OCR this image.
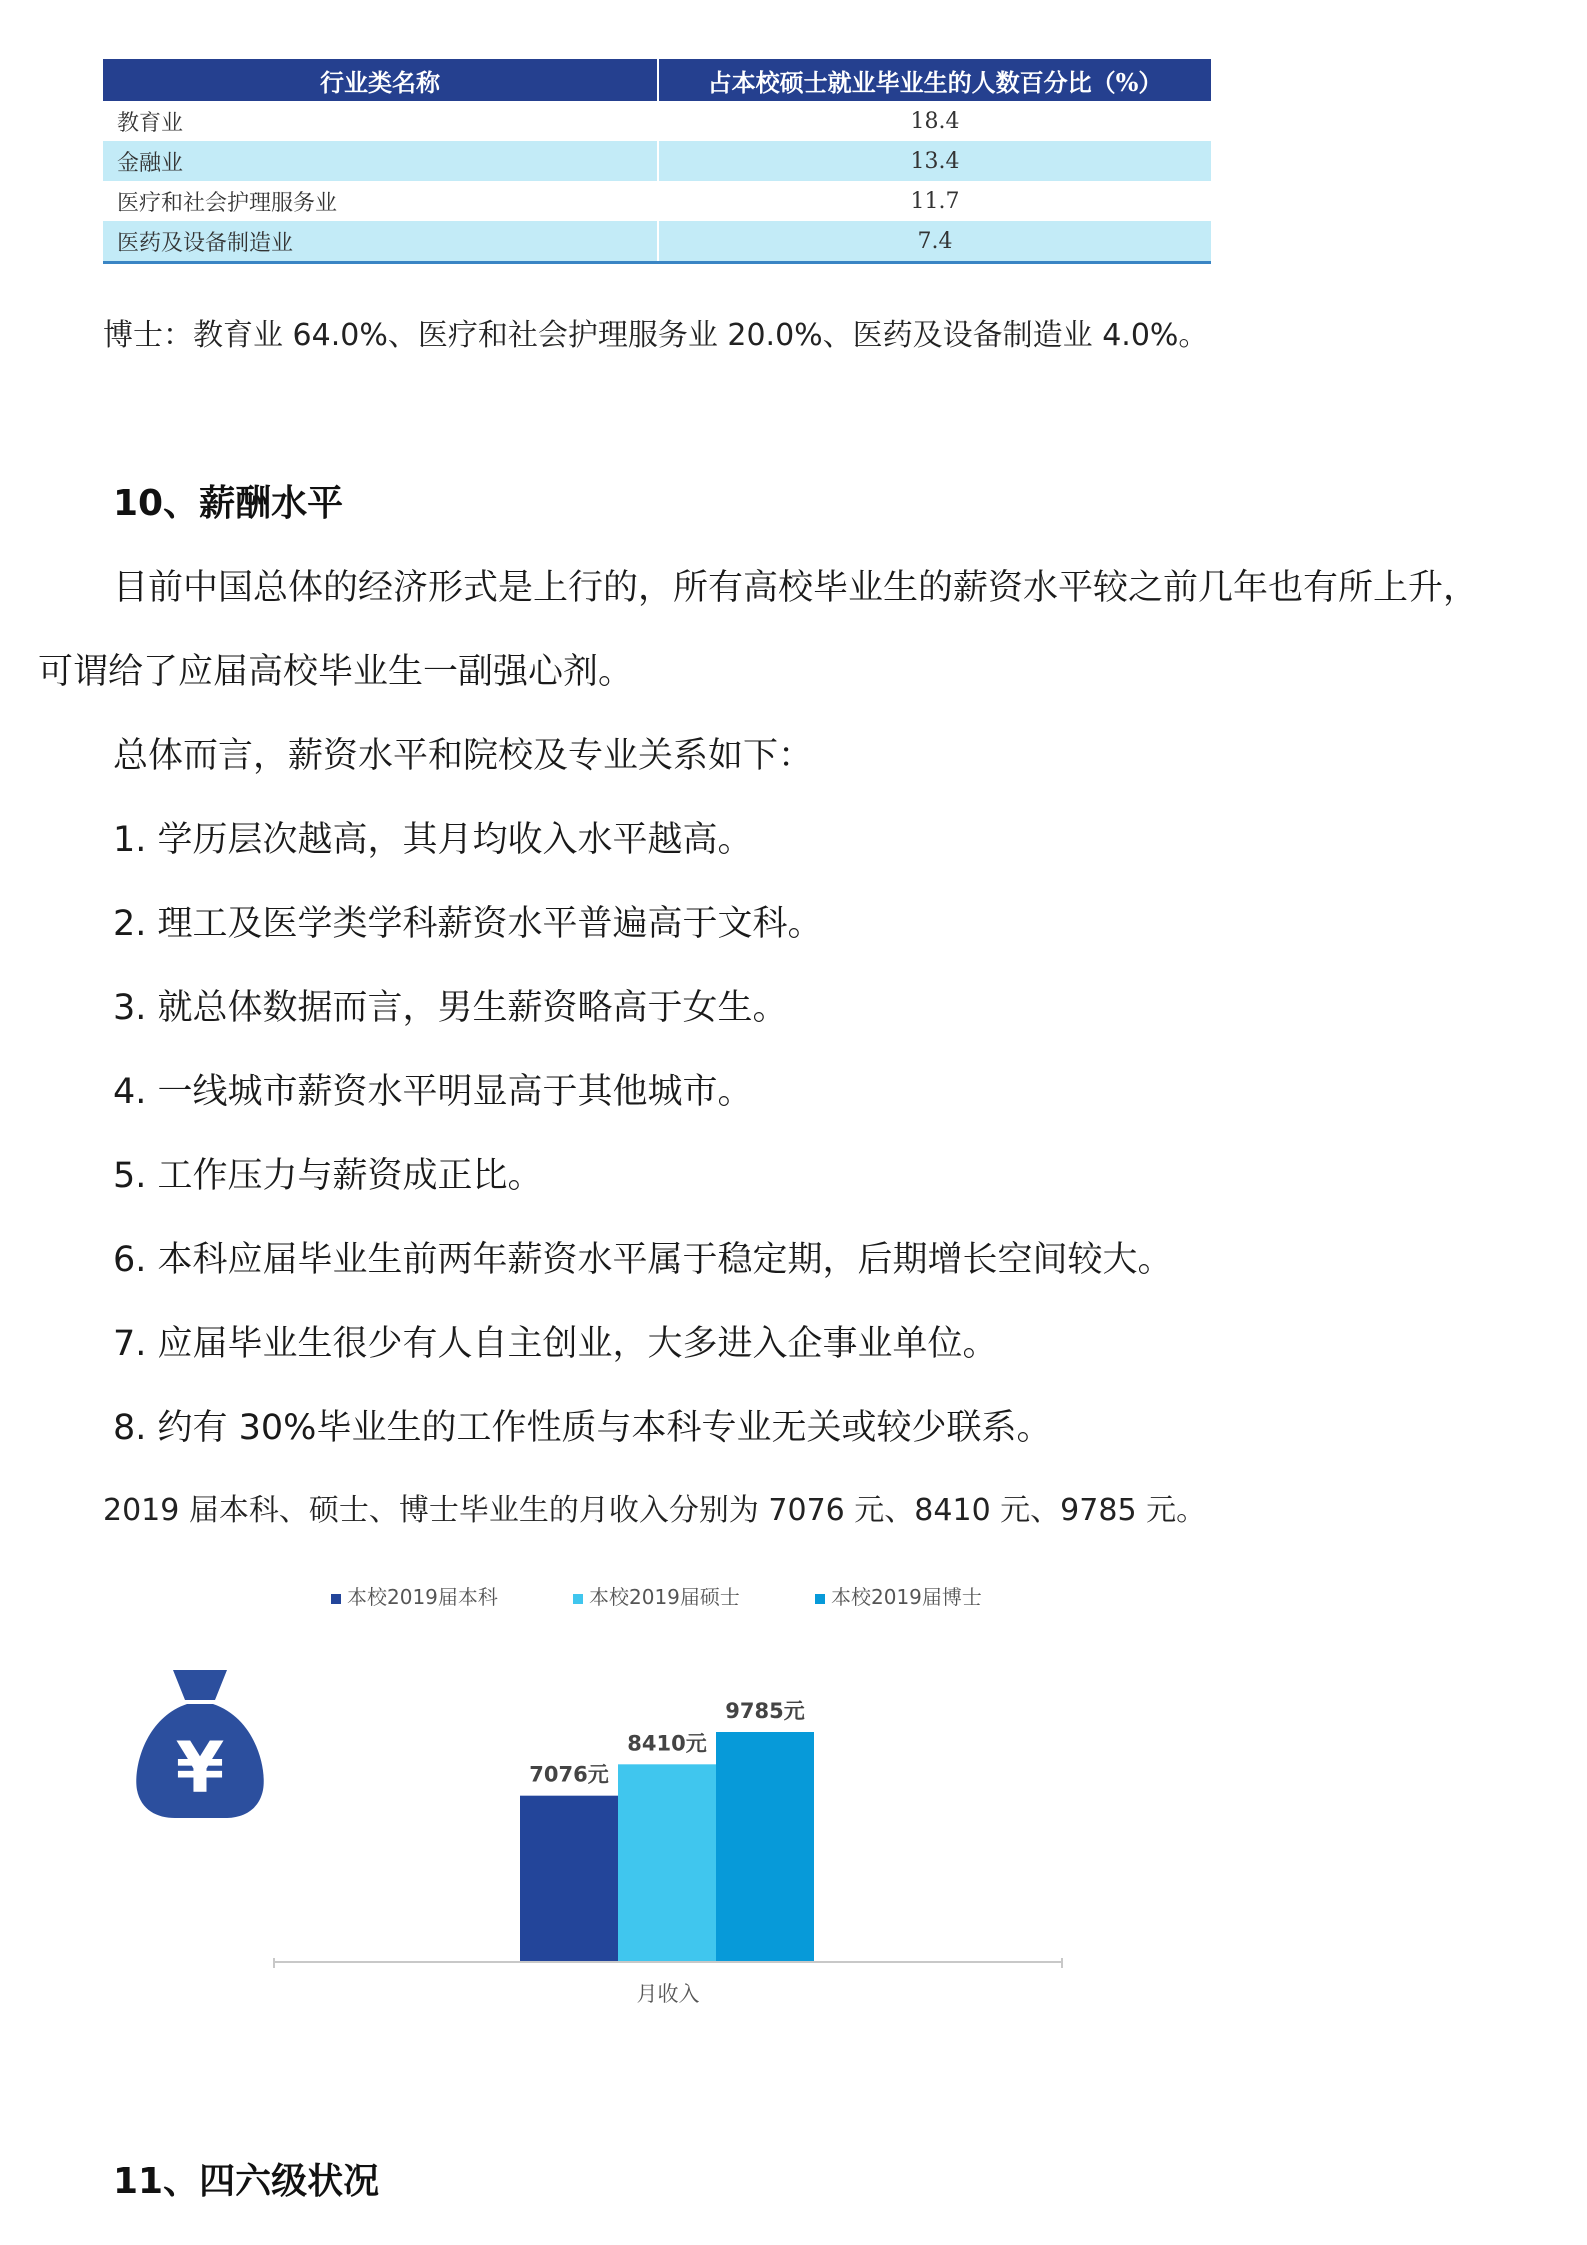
行业类名称	占本校硕士就业毕业生的人数百分比（%）
教育业	18.4
金融业	13.4
医疗和社会护理服务业	11.7
医药及设备制造业	7.4
博士：教育业 64.0%、医疗和社会护理服务业 20.0%、医药及设备制造业 4.0%。
10、薪酬水平
目前中国总体的经济形式是上行的，所有高校毕业生的薪资水平较之前几年也有所上升，
可谓给了应届高校毕业生一副强心剂。
总体而言，薪资水平和院校及专业关系如下：
1. 学历层次越高，其月均收入水平越高。
2. 理工及医学类学科薪资水平普遍高于文科。
3. 就总体数据而言，男生薪资略高于女生。
4. 一线城市薪资水平明显高于其他城市。
5. 工作压力与薪资成正比。
6. 本科应届毕业生前两年薪资水平属于稳定期，后期增长空间较大。
7. 应届毕业生很少有人自主创业，大多进入企事业单位。
8. 约有 30%毕业生的工作性质与本科专业无关或较少联系。
2019 届本科、硕士、博士毕业生的月收入分别为 7076 元、8410 元、9785 元。
¥
本校2019届本科	本校2019届硕士	本校2019届博士
7076元
8410元
9785元
月收入
11、四六级状况
